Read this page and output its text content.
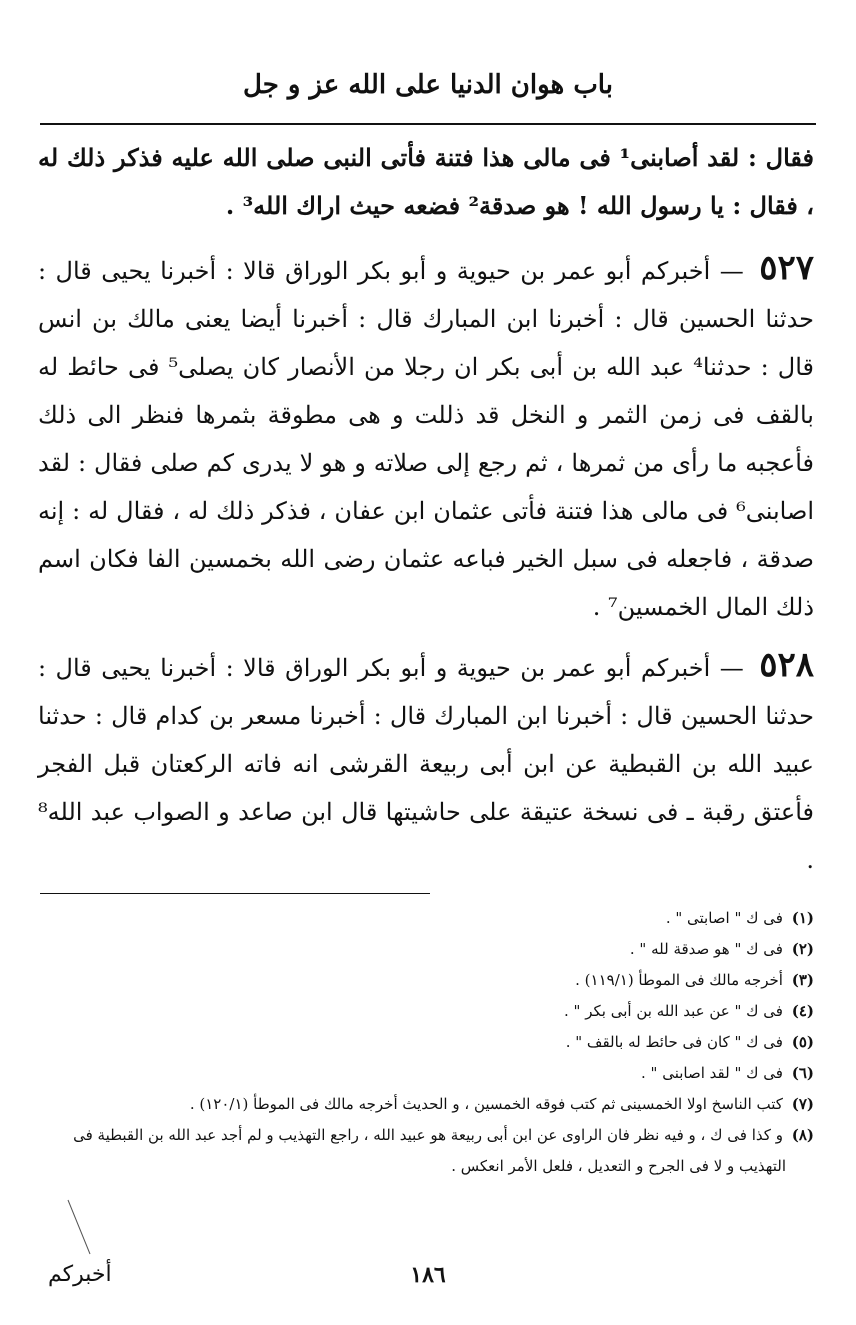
باب هوان الدنيا على الله عز و جل

فقال : لقد أصابنى¹ فى مالى هذا فتنة فأتى النبى صلى الله عليه فذكر ذلك له ، فقال : يا رسول الله ! هو صدقة² فضعه حيث اراك الله³ .

٥٢٧ — أخبركم أبو عمر بن حيوية و أبو بكر الوراق قالا : أخبرنا يحيى قال : حدثنا الحسين قال : أخبرنا ابن المبارك قال : أخبرنا أيضا يعنى مالك بن انس قال : حدثنا⁴ عبد الله بن أبى بكر ان رجلا من الأنصار كان يصلى⁵ فى حائط له بالقف فى زمن الثمر و النخل قد ذللت و هى مطوقة بثمرها فنظر الى ذلك فأعجبه ما رأى من ثمرها ، ثم رجع إلى صلاته و هو لا يدرى كم صلى فقال : لقد اصابنى⁶ فى مالى هذا فتنة فأتى عثمان ابن عفان ، فذكر ذلك له ، فقال له : إنه صدقة ، فاجعله فى سبل الخير فباعه عثمان رضى الله بخمسين الفا فكان اسم ذلك المال الخمسين⁷ .

٥٢٨ — أخبركم أبو عمر بن حيوية و أبو بكر الوراق قالا : أخبرنا يحيى قال : حدثنا الحسين قال : أخبرنا ابن المبارك قال : أخبرنا مسعر بن كدام قال : حدثنا عبيد الله بن القبطية عن ابن أبى ربيعة القرشى انه فاته الركعتان قبل الفجر فأعتق رقبة ـ فى نسخة عتيقة على حاشيتها قال ابن صاعد و الصواب عبد الله⁸ .

(١) فى ك " اصابتى " .

(٢) فى ك " هو صدقة لله " .

(٣) أخرجه مالك فى الموطأ (١١٩/١) .

(٤) فى ك " عن عبد الله بن أبى بكر " .

(٥) فى ك " كان فى حائط له بالقف " .

(٦) فى ك " لقد اصابنى " .

(٧) كتب الناسخ اولا الخمسينى ثم كتب فوقه الخمسين ، و الحديث أخرجه مالك فى الموطأ (١٢٠/١) .

(٨) و كذا فى ك ، و فيه نظر فان الراوى عن ابن أبى ربيعة هو عبيد الله ، راجع التهذيب و لم أجد عبد الله بن القبطية فى

التهذيب و لا فى الجرح و التعديل ، فلعل الأمر انعكس .

١٨٦
أخبركم
